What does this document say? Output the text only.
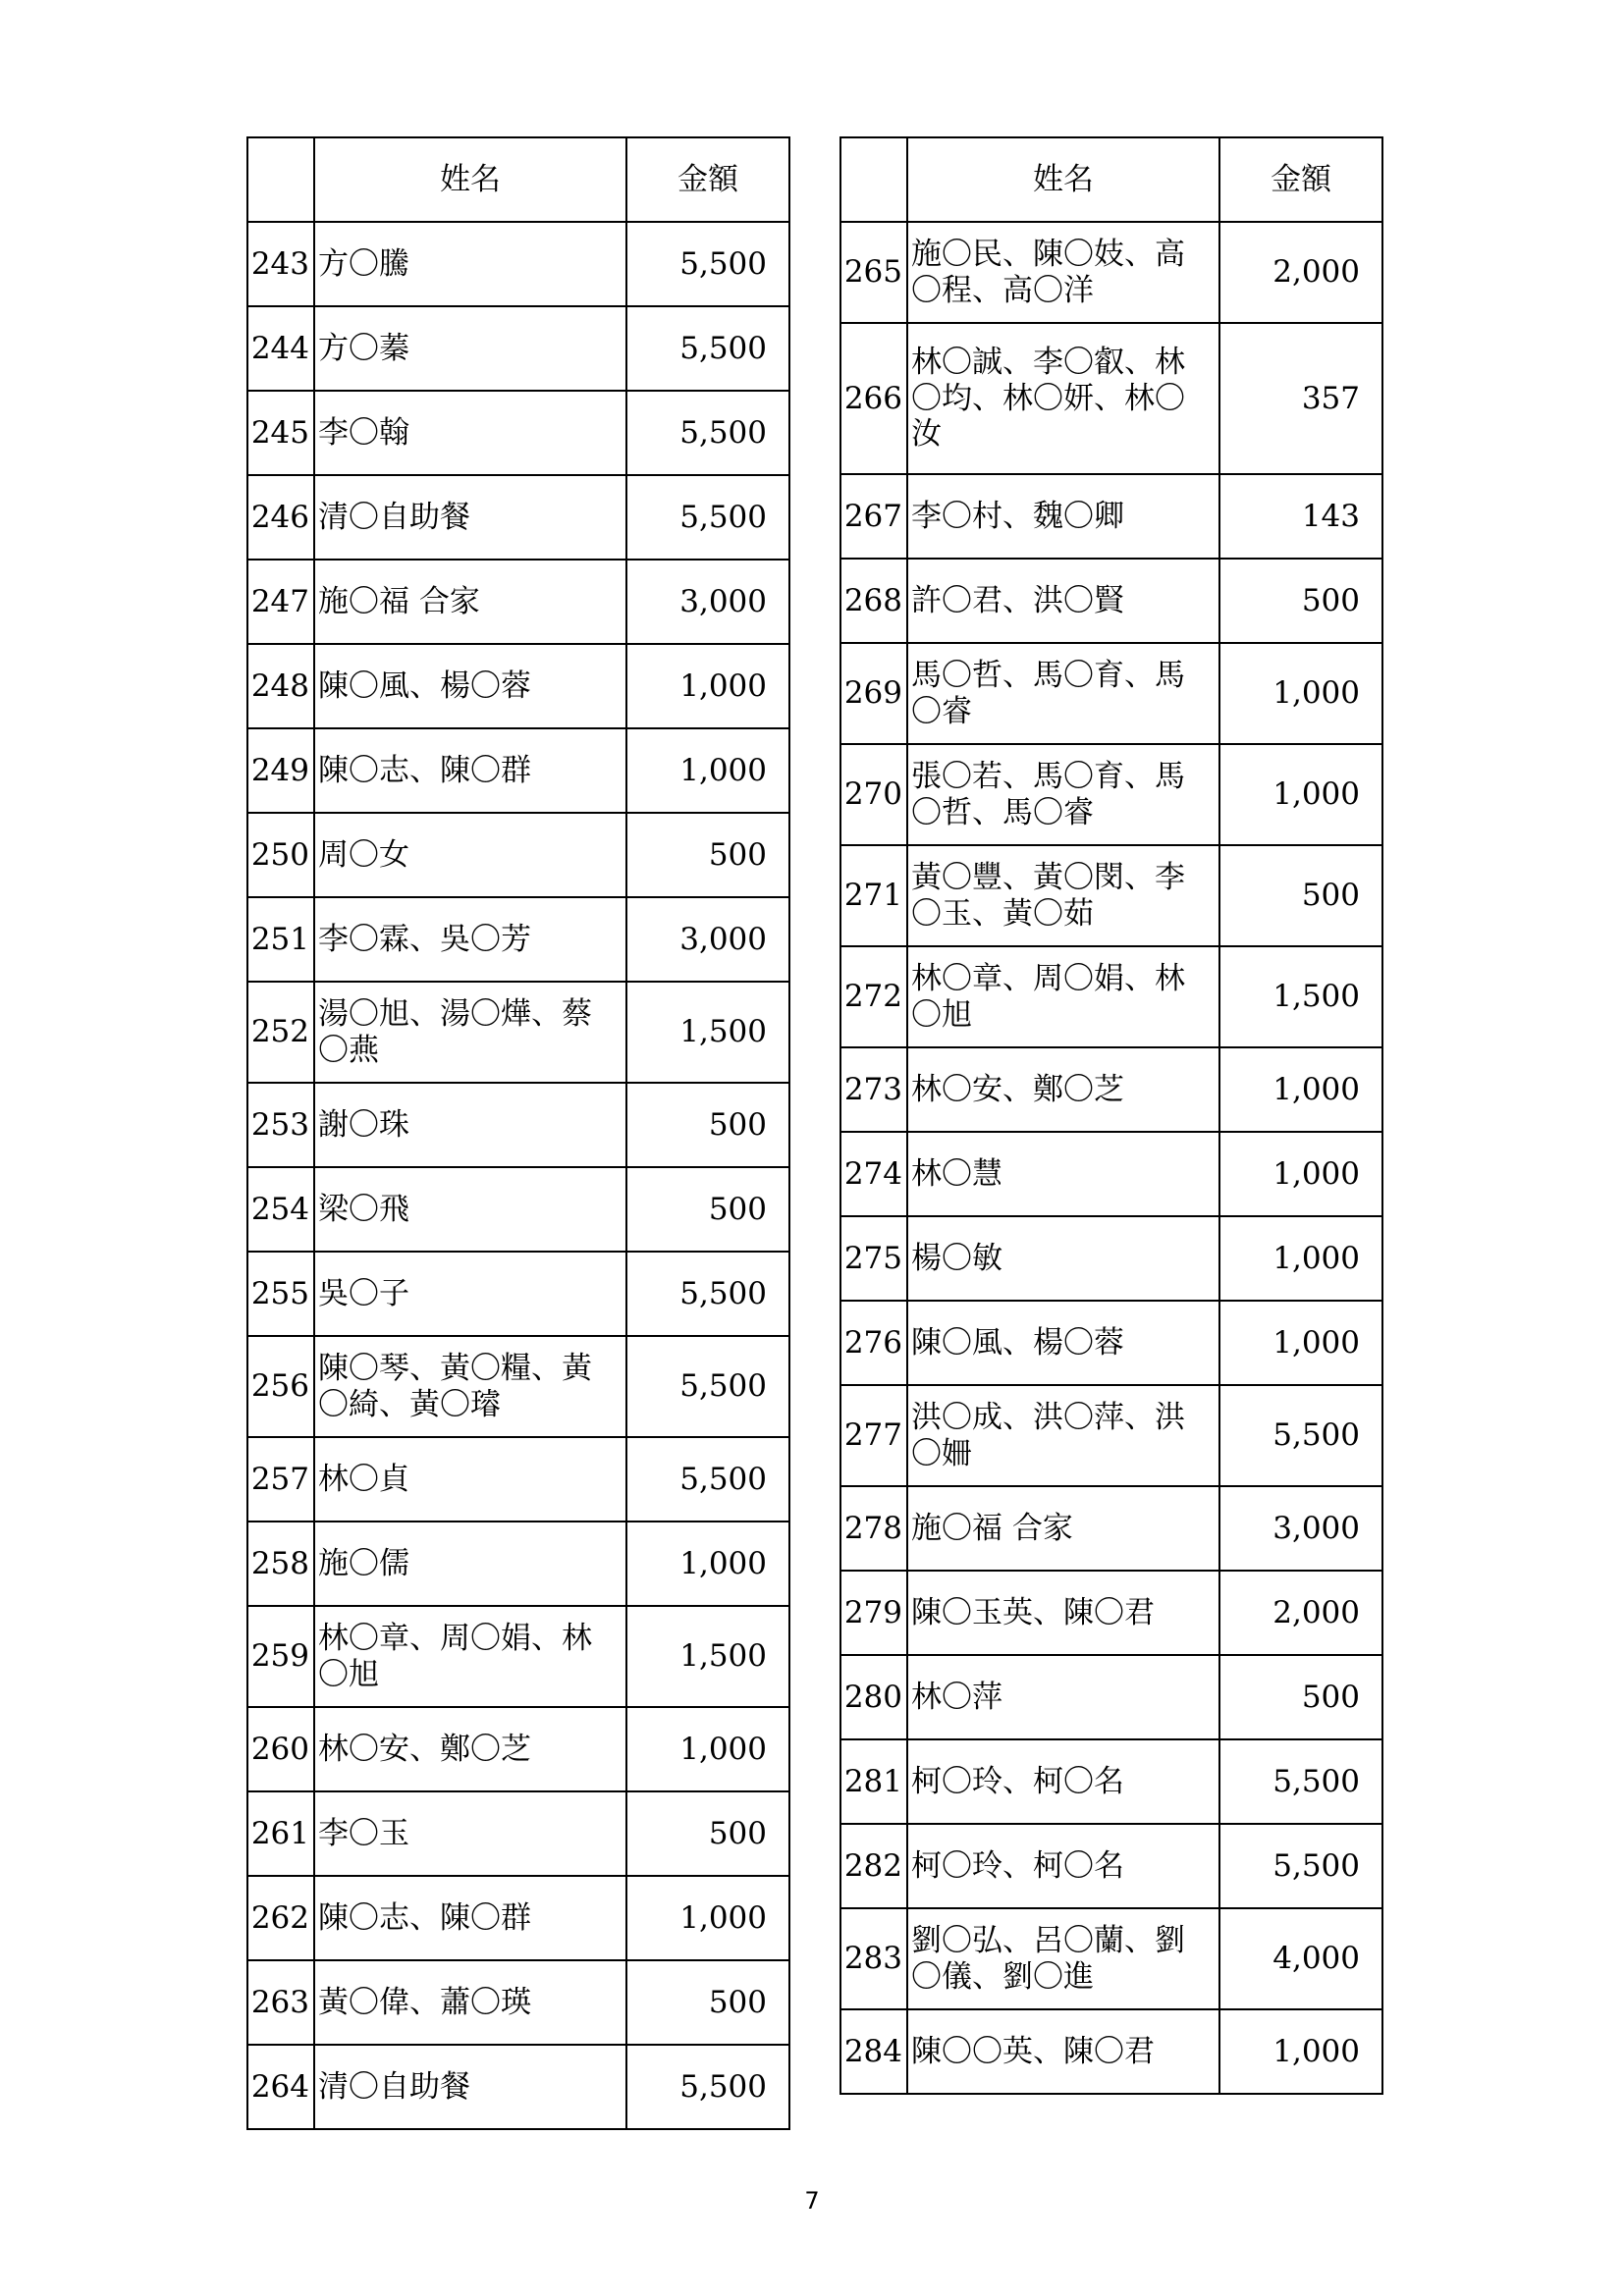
	姓名	金額
243	方〇騰	5,500
244	方〇蓁	5,500
245	李〇翰	5,500
246	清〇自助餐	5,500
247	施〇福 合家	3,000
248	陳〇風、楊〇蓉	1,000
249	陳〇志、陳〇群	1,000
250	周〇女	500
251	李〇霖、吳〇芳	3,000
252	湯〇旭、湯〇燁、蔡〇燕	1,500
253	謝〇珠	500
254	梁〇飛	500
255	吳〇子	5,500
256	陳〇琴、黃〇糧、黃〇綺、黃〇璿	5,500
257	林〇貞	5,500
258	施〇儒	1,000
259	林〇章、周〇娟、林〇旭	1,500
260	林〇安、鄭〇芝	1,000
261	李〇玉	500
262	陳〇志、陳〇群	1,000
263	黃〇偉、蕭〇瑛	500
264	清〇自助餐	5,500
	姓名	金額
265	施〇民、陳〇妓、高〇程、高〇洋	2,000
266	林〇誠、李〇叡、林〇均、林〇妍、林〇汝	357
267	李〇村、魏〇卿	143
268	許〇君、洪〇賢	500
269	馬〇哲、馬〇育、馬〇睿	1,000
270	張〇若、馬〇育、馬〇哲、馬〇睿	1,000
271	黃〇豐、黃〇閔、李〇玉、黃〇茹	500
272	林〇章、周〇娟、林〇旭	1,500
273	林〇安、鄭〇芝	1,000
274	林〇慧	1,000
275	楊〇敏	1,000
276	陳〇風、楊〇蓉	1,000
277	洪〇成、洪〇萍、洪〇姍	5,500
278	施〇福 合家	3,000
279	陳〇玉英、陳〇君	2,000
280	林〇萍	500
281	柯〇玲、柯〇名	5,500
282	柯〇玲、柯〇名	5,500
283	劉〇弘、呂〇蘭、劉〇儀、劉〇進	4,000
284	陳〇〇英、陳〇君	1,000
7
